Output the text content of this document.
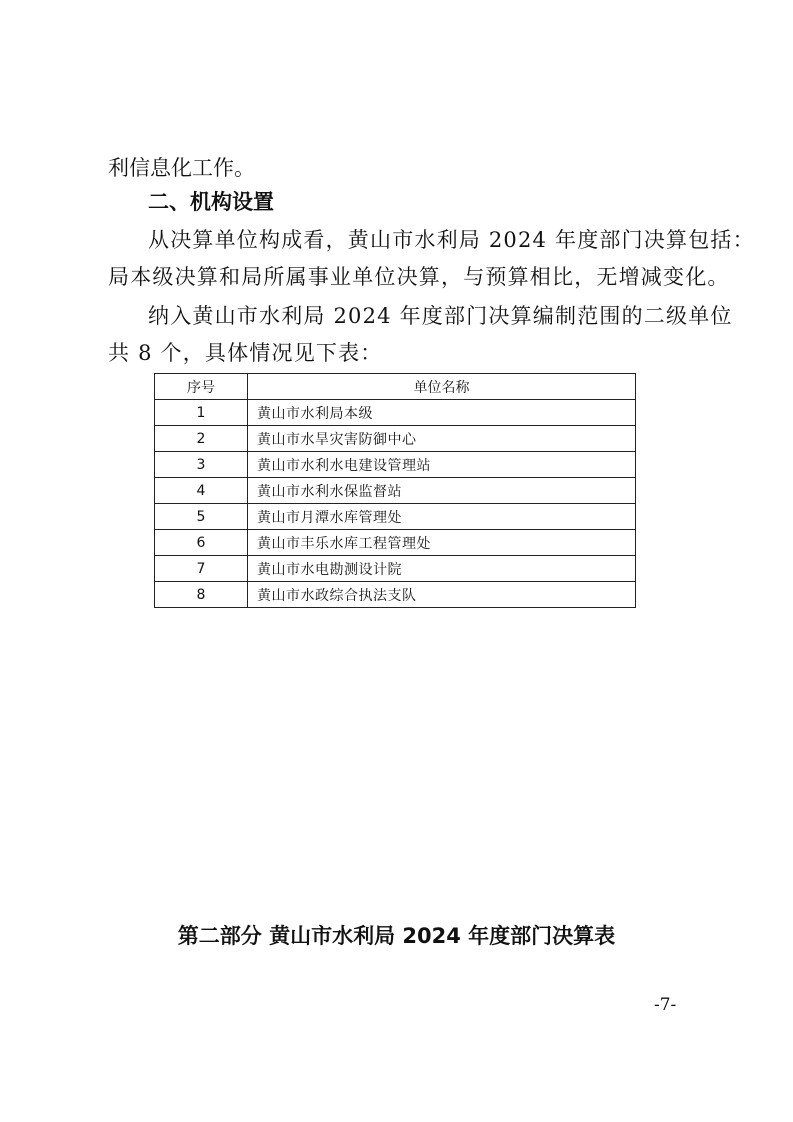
利信息化工作。
二、机构设置
从决算单位构成看，黄山市水利局 2024 年度部门决算包括：
局本级决算和局所属事业单位决算，与预算相比，无增减变化。
纳入黄山市水利局 2024 年度部门决算编制范围的二级单位
共 8 个，具体情况见下表：
序号	单位名称
1	黄山市水利局本级
2	黄山市水旱灾害防御中心
3	黄山市水利水电建设管理站
4	黄山市水利水保监督站
5	黄山市月潭水库管理处
6	黄山市丰乐水库工程管理处
7	黄山市水电勘测设计院
8	黄山市水政综合执法支队
第二部分 黄山市水利局 2024 年度部门决算表
-7-
